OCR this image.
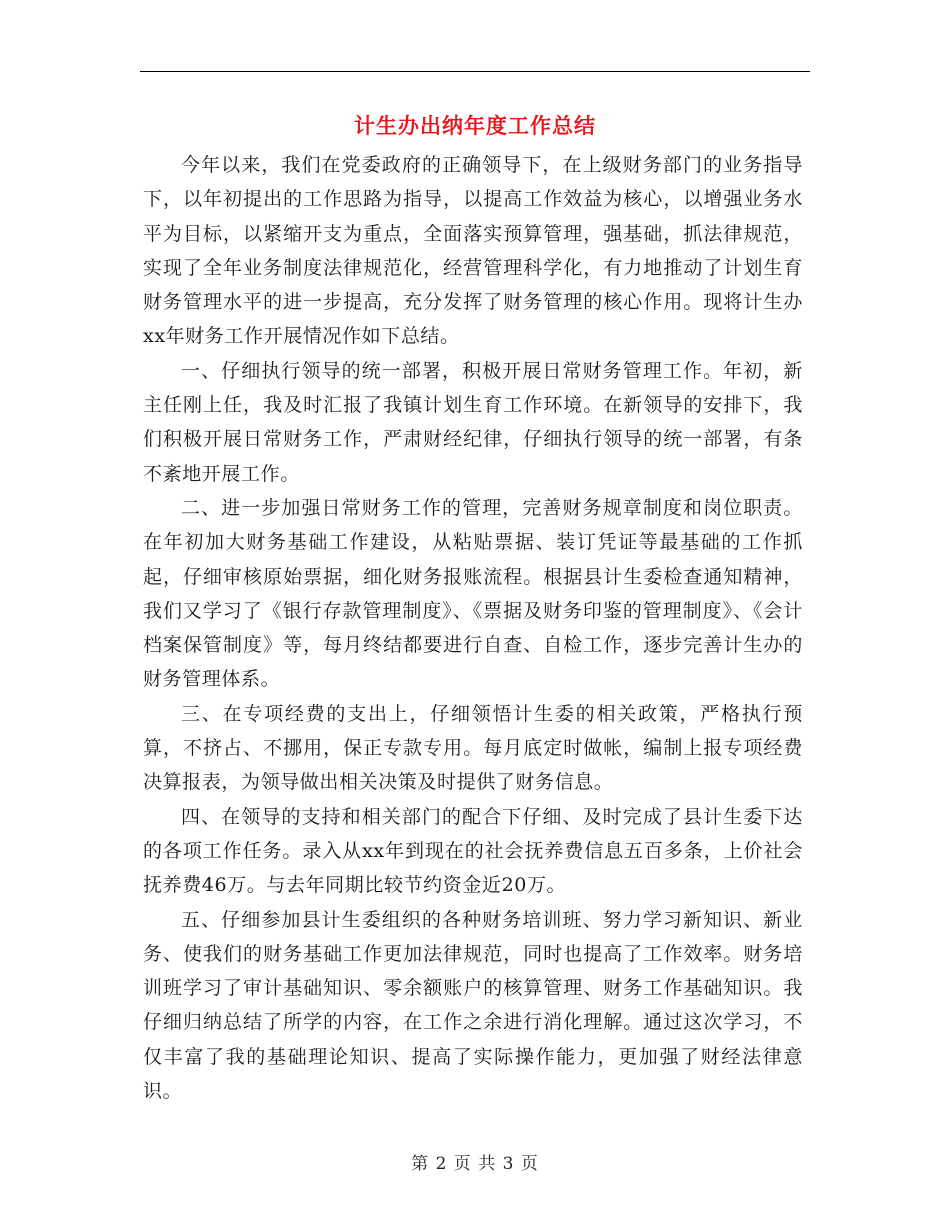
计生办出纳年度工作总结

今年以来，我们在党委政府的正确领导下，在上级财务部门的业务指导下，以年初提出的工作思路为指导，以提高工作效益为核心，以增强业务水平为目标，以紧缩开支为重点，全面落实预算管理，强基础，抓法律规范，实现了全年业务制度法律规范化，经营管理科学化，有力地推动了计划生育财务管理水平的进一步提高，充分发挥了财务管理的核心作用。现将计生办xx年财务工作开展情况作如下总结。

一、仔细执行领导的统一部署，积极开展日常财务管理工作。年初，新主任刚上任，我及时汇报了我镇计划生育工作环境。在新领导的安排下，我们积极开展日常财务工作，严肃财经纪律，仔细执行领导的统一部署，有条不紊地开展工作。

二、进一步加强日常财务工作的管理，完善财务规章制度和岗位职责。在年初加大财务基础工作建设，从粘贴票据、装订凭证等最基础的工作抓起，仔细审核原始票据，细化财务报账流程。根据县计生委检查通知精神，我们又学习了《银行存款管理制度》、《票据及财务印鉴的管理制度》、《会计档案保管制度》等，每月终结都要进行自查、自检工作，逐步完善计生办的财务管理体系。

三、在专项经费的支出上，仔细领悟计生委的相关政策，严格执行预算，不挤占、不挪用，保正专款专用。每月底定时做帐，编制上报专项经费决算报表，为领导做出相关决策及时提供了财务信息。

四、在领导的支持和相关部门的配合下仔细、及时完成了县计生委下达的各项工作任务。录入从xx年到现在的社会抚养费信息五百多条，上价社会抚养费46万。与去年同期比较节约资金近20万。

五、仔细参加县计生委组织的各种财务培训班、努力学习新知识、新业务、使我们的财务基础工作更加法律规范，同时也提高了工作效率。财务培训班学习了审计基础知识、零余额账户的核算管理、财务工作基础知识。我仔细归纳总结了所学的内容，在工作之余进行消化理解。通过这次学习，不仅丰富了我的基础理论知识、提高了实际操作能力，更加强了财经法律意识。

第 2 页 共 3 页
